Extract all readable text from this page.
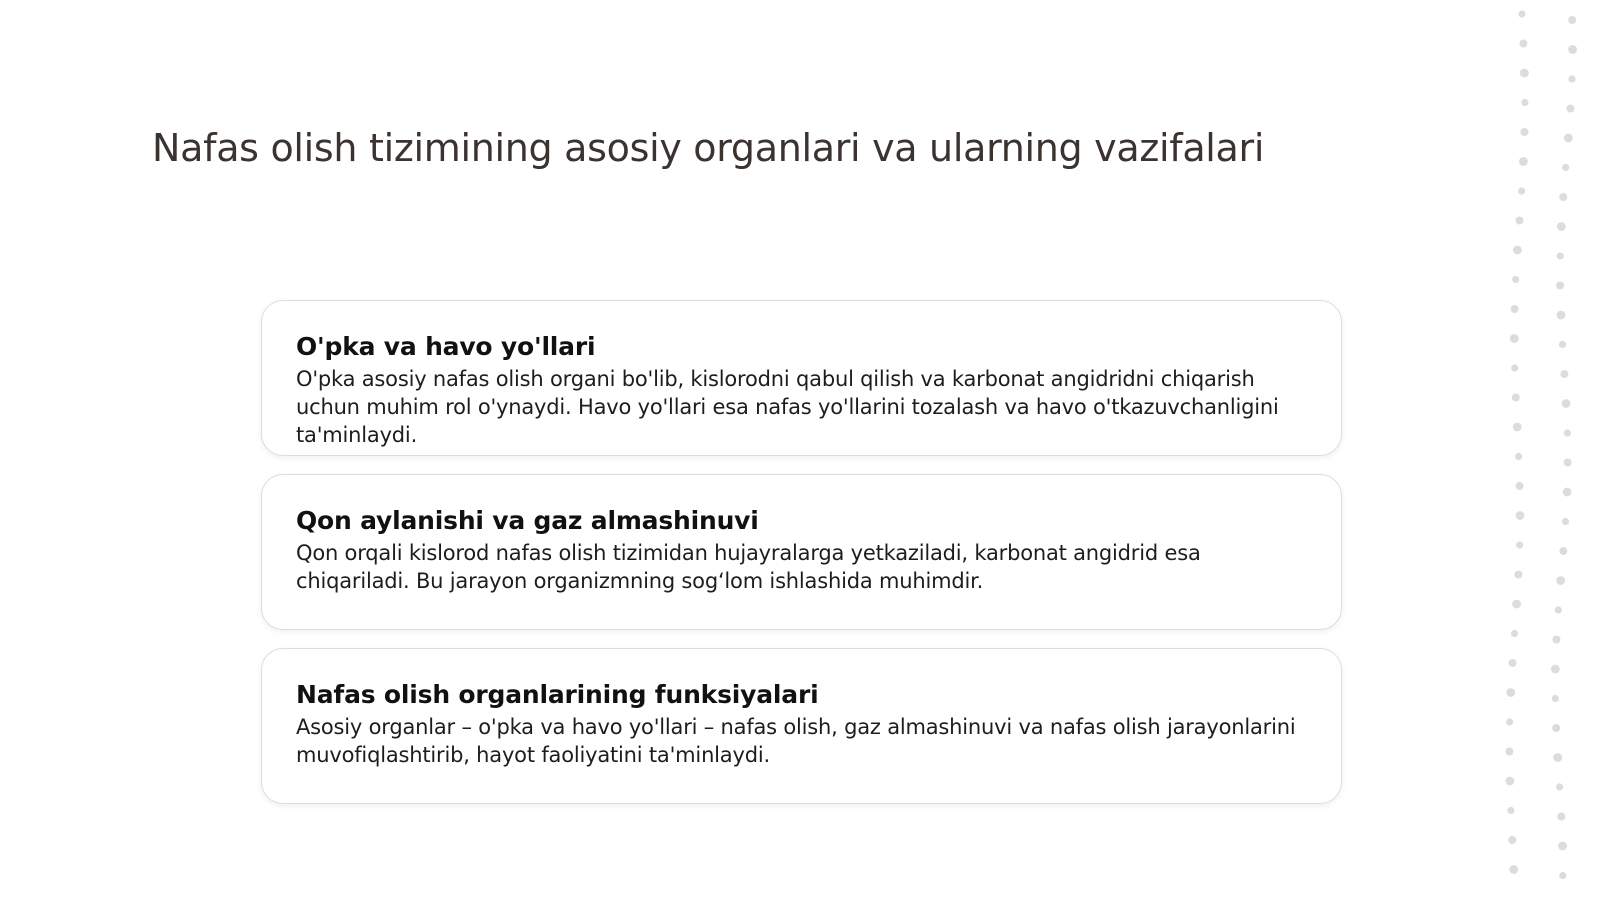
Nafas olish tizimining asosiy organlari va ularning vazifalari
O'pka va havo yo'llari
O'pka asosiy nafas olish organi bo'lib, kislorodni qabul qilish va karbonat angidridni chiqarish uchun muhim rol o'ynaydi. Havo yo'llari esa nafas yo'llarini tozalash va havo o'tkazuvchanligini ta'minlaydi.
Qon aylanishi va gaz almashinuvi
Qon orqali kislorod nafas olish tizimidan hujayralarga yetkaziladi, karbonat angidrid esa chiqariladi. Bu jarayon organizmning sog‘lom ishlashida muhimdir.
Nafas olish organlarining funksiyalari
Asosiy organlar – o'pka va havo yo'llari – nafas olish, gaz almashinuvi va nafas olish jarayonlarini muvofiqlashtirib, hayot faoliyatini ta'minlaydi.
